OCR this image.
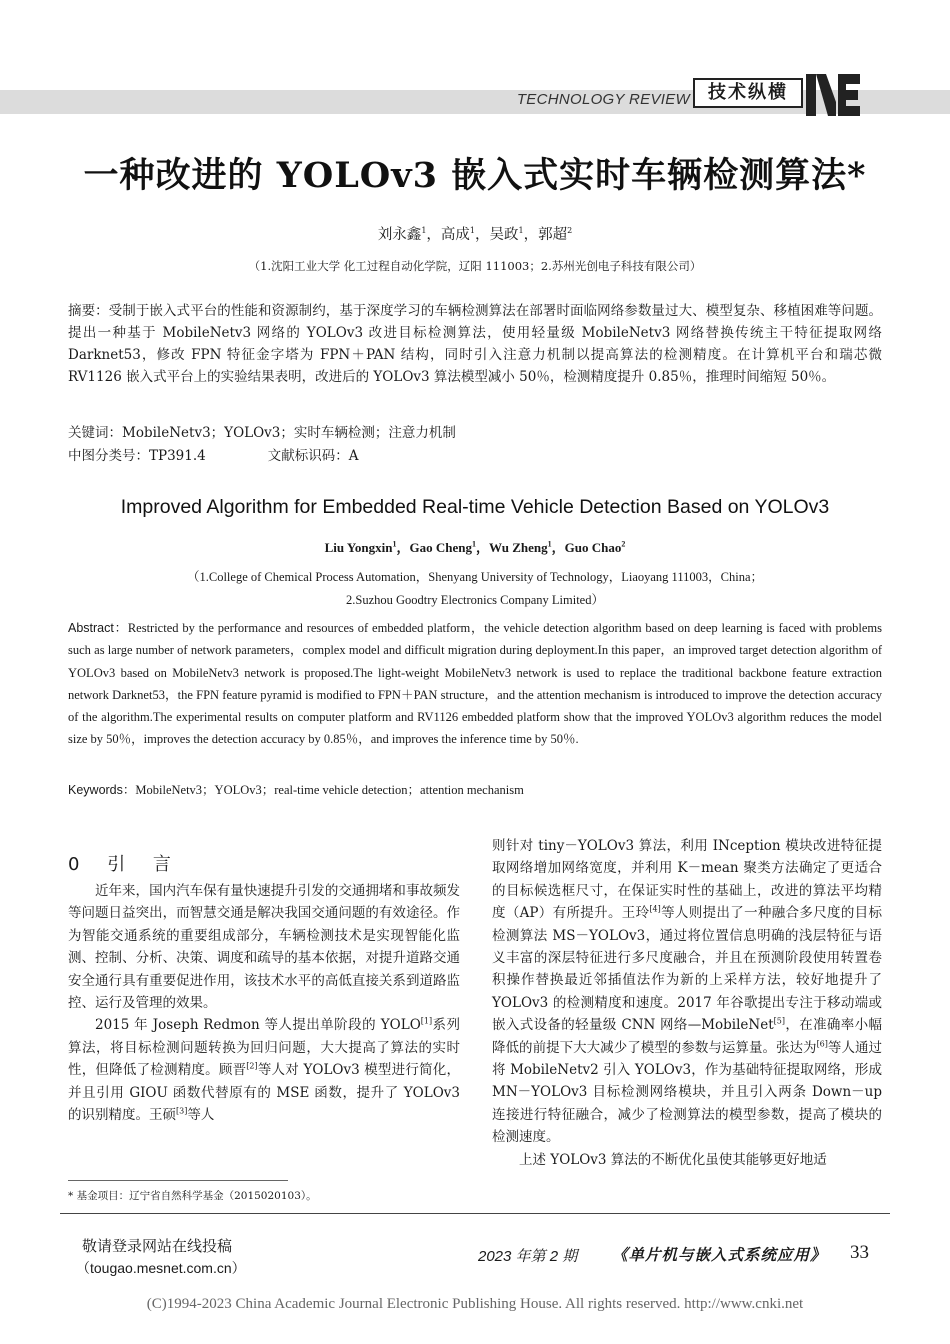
TECHNOLOGY REVIEW	技术纵横
一种改进的 YOLOv3 嵌入式实时车辆检测算法*
刘永鑫$^1$，高成$^1$，吴政$^1$，郭超$^2$
（1.沈阳工业大学 化工过程自动化学院，辽阳 111003；2.苏州光创电子科技有限公司）
摘要：受制于嵌入式平台的性能和资源制约，基于深度学习的车辆检测算法在部署时面临网络参数量过大、模型复杂、移植困难等问题。提出一种基于 MobileNetv3 网络的 YOLOv3 改进目标检测算法，使用轻量级 MobileNetv3 网络替换传统主干特征提取网络 Darknet53，修改 FPN 特征金字塔为 FPN＋PAN 结构，同时引入注意力机制以提高算法的检测精度。在计算机平台和瑞芯微 RV1126 嵌入式平台上的实验结果表明，改进后的 YOLOv3 算法模型减小 50％，检测精度提升 0.85％，推理时间缩短 50％。
关键词：MobileNetv3；YOLOv3；实时车辆检测；注意力机制
中图分类号：TP391.4	文献标识码：A
Improved Algorithm for Embedded Real-time Vehicle Detection Based on YOLOv3
Liu Yongxin$^1$，Gao Cheng$^1$，Wu Zheng$^1$，Guo Chao$^2$
（1.College of Chemical Process Automation，Shenyang University of Technology，Liaoyang 111003，China；
2.Suzhou Goodtry Electronics Company Limited）
Abstract：Restricted by the performance and resources of embedded platform，the vehicle detection algorithm based on deep learning is faced with problems such as large number of network parameters，complex model and difficult migration during deployment.In this paper，an improved target detection algorithm of YOLOv3 based on MobileNetv3 network is proposed.The light-weight MobileNetv3 network is used to replace the traditional backbone feature extraction network Darknet53，the FPN feature pyramid is modified to FPN＋PAN structure，and the attention mechanism is introduced to improve the detection accuracy of the algorithm.The experimental results on computer platform and RV1126 embedded platform show that the improved YOLOv3 algorithm reduces the model size by 50％，improves the detection accuracy by 0.85％，and improves the inference time by 50％.
Keywords：MobileNetv3；YOLOv3；real-time vehicle detection；attention mechanism
0 引 言

近年来，国内汽车保有量快速提升引发的交通拥堵和事故频发等问题日益突出，而智慧交通是解决我国交通问题的有效途径。作为智能交通系统的重要组成部分，车辆检测技术是实现智能化监测、控制、分析、决策、调度和疏导的基本依据，对提升道路交通安全通行具有重要促进作用，该技术水平的高低直接关系到道路监控、运行及管理的效果。

2015 年 Joseph Redmon 等人提出单阶段的 YOLO[1]系列算法，将目标检测问题转换为回归问题，大大提高了算法的实时性，但降低了检测精度。顾晋[2]等人对 YOLOv3 模型进行简化，并且引用 GIOU 函数代替原有的 MSE 函数，提升了 YOLOv3 的识别精度。王硕[3]等人

则针对 tiny－YOLOv3 算法，利用 INception 模块改进特征提取网络增加网络宽度，并利用 K－mean 聚类方法确定了更适合的目标候选框尺寸，在保证实时性的基础上，改进的算法平均精度（AP）有所提升。王玲[4]等人则提出了一种融合多尺度的目标检测算法 MS－YOLOv3，通过将位置信息明确的浅层特征与语义丰富的深层特征进行多尺度融合，并且在预测阶段使用转置卷积操作替换最近邻插值法作为新的上采样方法，较好地提升了 YOLOv3 的检测精度和速度。2017 年谷歌提出专注于移动端或嵌入式设备的轻量级 CNN 网络—MobileNet[5]，在准确率小幅降低的前提下大大减少了模型的参数与运算量。张达为[6]等人通过将 MobileNetv2 引入 YOLOv3，作为基础特征提取网络，形成 MN－YOLOv3 目标检测网络模块，并且引入两条 Down－up 连接进行特征融合，减少了检测算法的模型参数，提高了模块的检测速度。

上述 YOLOv3 算法的不断优化虽使其能够更好地适

* 基金项目：辽宁省自然科学基金（2015020103）。
敬请登录网站在线投稿
（tougao.mesnet.com.cn）
2023 年第 2 期 《单片机与嵌入式系统应用》 33
(C)1994-2023 China Academic Journal Electronic Publishing House. All rights reserved. http://www.cnki.net
